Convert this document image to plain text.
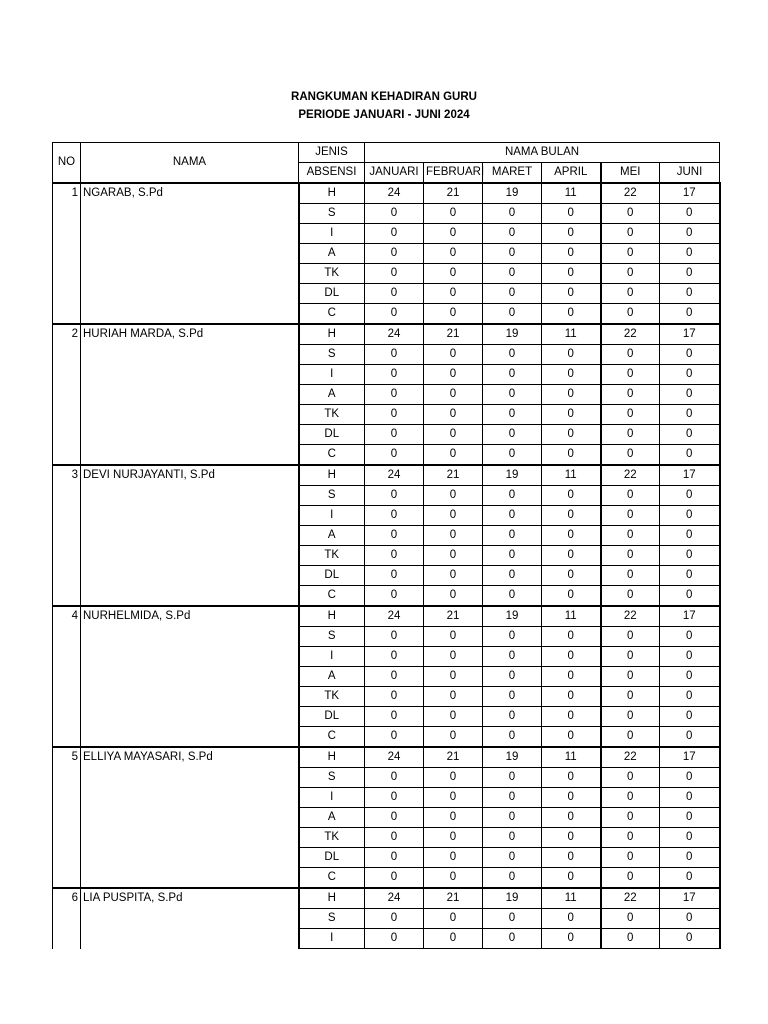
RANGKUMAN KEHADIRAN GURU
PERIODE JANUARI - JUNI 2024
NO	NAMA	JENIS	NAMA BULAN					
		ABSENSI	JANUARI	FEBRUARI	MARET	APRIL	MEI	JUNI
1	NGARAB, S.Pd	H	24	21	19	11	22	17
		S	0	0	0	0	0	0
		I	0	0	0	0	0	0
		A	0	0	0	0	0	0
		TK	0	0	0	0	0	0
		DL	0	0	0	0	0	0
		C	0	0	0	0	0	0
2	HURIAH MARDA, S.Pd	H	24	21	19	11	22	17
		S	0	0	0	0	0	0
		I	0	0	0	0	0	0
		A	0	0	0	0	0	0
		TK	0	0	0	0	0	0
		DL	0	0	0	0	0	0
		C	0	0	0	0	0	0
3	DEVI NURJAYANTI, S.Pd	H	24	21	19	11	22	17
		S	0	0	0	0	0	0
		I	0	0	0	0	0	0
		A	0	0	0	0	0	0
		TK	0	0	0	0	0	0
		DL	0	0	0	0	0	0
		C	0	0	0	0	0	0
4	NURHELMIDA, S.Pd	H	24	21	19	11	22	17
		S	0	0	0	0	0	0
		I	0	0	0	0	0	0
		A	0	0	0	0	0	0
		TK	0	0	0	0	0	0
		DL	0	0	0	0	0	0
		C	0	0	0	0	0	0
5	ELLIYA MAYASARI, S.Pd	H	24	21	19	11	22	17
		S	0	0	0	0	0	0
		I	0	0	0	0	0	0
		A	0	0	0	0	0	0
		TK	0	0	0	0	0	0
		DL	0	0	0	0	0	0
		C	0	0	0	0	0	0
6	LIA PUSPITA, S.Pd	H	24	21	19	11	22	17
		S	0	0	0	0	0	0
		I	0	0	0	0	0	0
